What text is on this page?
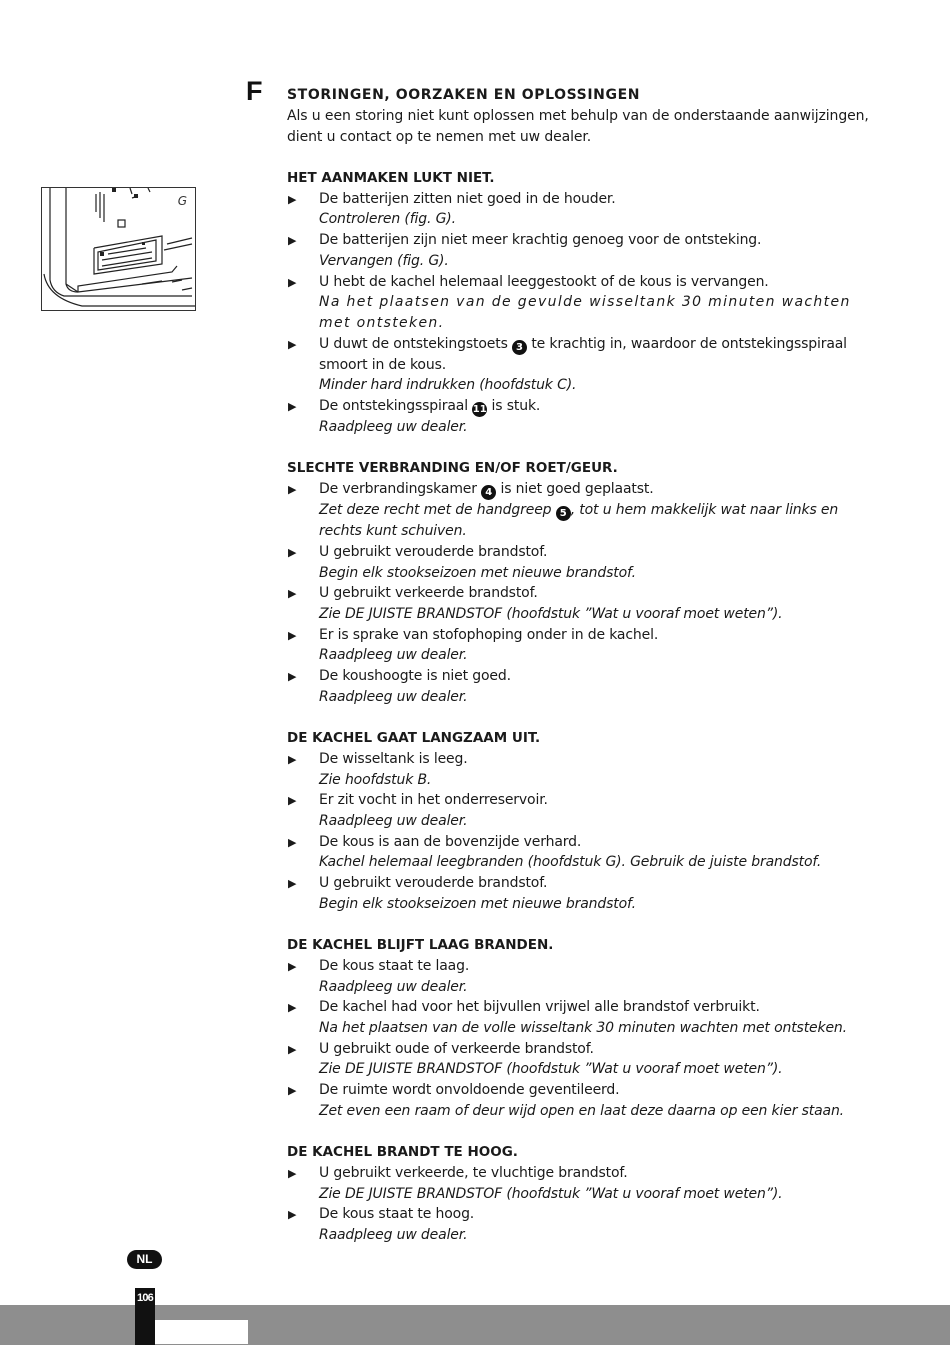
F STORINGEN, OORZAKEN EN OPLOSSINGEN
Als u een storing niet kunt oplossen met behulp van de onderstaande aanwijzingen, dient u contact op te nemen met uw dealer.
G
HET AANMAKEN LUKT NIET.
▶ De batterijen zitten niet goed in de houder.
Controleren (fig. G).
▶ De batterijen zijn niet meer krachtig genoeg voor de ontsteking.
Vervangen (fig. G).
▶ U hebt de kachel helemaal leeggestookt of de kous is vervangen.
Na het plaatsen van de gevulde wisseltank 30 minuten wachten met ontsteken.
▶ U duwt de ontstekingstoets 3 te krachtig in, waardoor de ontstekingsspiraal smoort in de kous.
Minder hard indrukken (hoofdstuk C).
▶ De ontstekingsspiraal 11 is stuk.
Raadpleeg uw dealer.
SLECHTE VERBRANDING EN/OF ROET/GEUR.
▶ De verbrandingskamer 4 is niet goed geplaatst.
Zet deze recht met de handgreep 5 , tot u hem makkelijk wat naar links en rechts kunt schuiven.
▶ U gebruikt verouderde brandstof.
Begin elk stookseizoen met nieuwe brandstof.
▶ U gebruikt verkeerde brandstof.
Zie DE JUISTE BRANDSTOF (hoofdstuk ”Wat u vooraf moet weten”).
▶ Er is sprake van stofophoping onder in de kachel.
Raadpleeg uw dealer.
▶ De koushoogte is niet goed.
Raadpleeg uw dealer.
DE KACHEL GAAT LANGZAAM UIT.
▶ De wisseltank is leeg.
Zie hoofdstuk B.
▶ Er zit vocht in het onderreservoir.
Raadpleeg uw dealer.
▶ De kous is aan de bovenzijde verhard.
Kachel helemaal leegbranden (hoofdstuk G). Gebruik de juiste brandstof.
▶ U gebruikt verouderde brandstof.
Begin elk stookseizoen met nieuwe brandstof.
DE KACHEL BLIJFT LAAG BRANDEN.
▶ De kous staat te laag.
Raadpleeg uw dealer.
▶ De kachel had voor het bijvullen vrijwel alle brandstof verbruikt.
Na het plaatsen van de volle wisseltank 30 minuten wachten met ontsteken.
▶ U gebruikt oude of verkeerde brandstof.
Zie DE JUISTE BRANDSTOF (hoofdstuk ”Wat u vooraf moet weten”).
▶ De ruimte wordt onvoldoende geventileerd.
Zet even een raam of deur wijd open en laat deze daarna op een kier staan.
DE KACHEL BRANDT TE HOOG.
▶ U gebruikt verkeerde, te vluchtige brandstof.
Zie DE JUISTE BRANDSTOF (hoofdstuk ”Wat u vooraf moet weten”).
▶ De kous staat te hoog.
Raadpleeg uw dealer.
NL
106
